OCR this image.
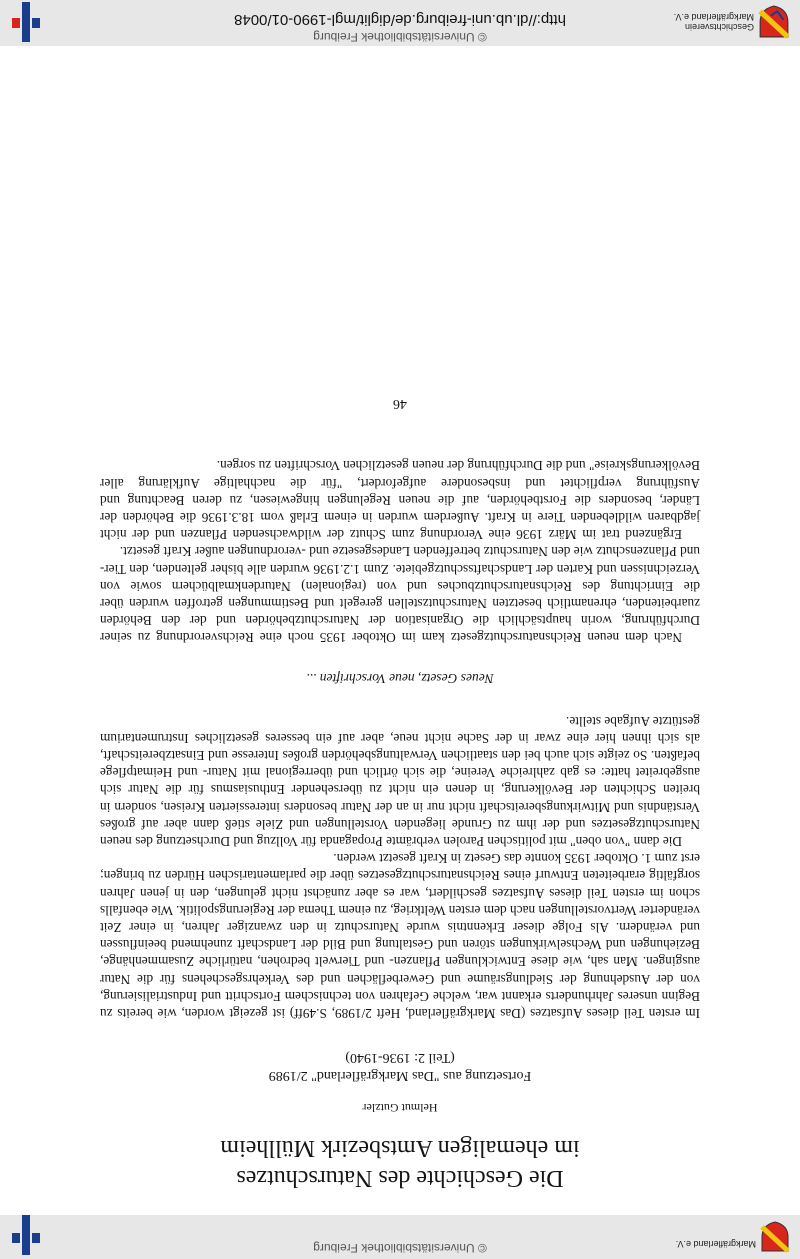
© Universitätsbibliothek Freiburg	Markgräflerland e.V.
Die Geschichte des Naturschutzes
im ehemaligen Amtsbezirk Müllheim
Helmut Gutzler
Fortsetzung aus "Das Markgräflerland" 2/1989
(Teil 2: 1936-1940)

Im ersten Teil dieses Aufsatzes (Das Markgräflerland, Heft 2/1989, S.49ff) ist gezeigt worden, wie bereits zu Beginn unseres Jahrhunderts erkannt war, welche Gefahren von technischem Fortschritt und Industrialisierung, von der Ausdehnung der Siedlungsräume und Gewerbeflächen und des Verkehrsgeschehens für die Natur ausgingen. Man sah, wie diese Entwicklungen Pflanzen- und Tierwelt bedrohen, natürliche Zusammenhänge, Beziehungen und Wechselwirkungen stören und Gestaltung und Bild der Landschaft zunehmend beeinflussen und verändern. Als Folge dieser Erkenntnis wurde Naturschutz in den zwanziger Jahren, in einer Zeit veränderter Wertvorstellungen nach dem ersten Weltkrieg, zu einem Thema der Regierungspolitik. Wie ebenfalls schon im ersten Teil dieses Aufsatzes geschildert, war es aber zunächst nicht gelungen, den in jenen Jahren sorgfältig erarbeiteten Entwurf eines Reichsnaturschutzgesetzes über die parlamentarischen Hürden zu bringen; erst zum 1. Oktober 1935 konnte das Gesetz in Kraft gesetzt werden.

Die dann "von oben" mit politischen Parolen verbrämte Propaganda für Vollzug und Durchsetzung des neuen Naturschutzgesetzes und der ihm zu Grunde liegenden Vorstellungen und Ziele stieß dann aber auf großes Verständnis und Mitwirkungsbereitschaft nicht nur in an der Natur besonders interessierten Kreisen, sondern in breiten Schichten der Bevölkerung, in denen ein nicht zu übersehender Enthusiasmus für die Natur sich ausgebreitet hatte: es gab zahlreiche Vereine, die sich örtlich und überregional mit Natur- und Heimatpflege befaßten. So zeigte sich auch bei den staatlichen Verwaltungsbehörden großes Interesse und Einsatzbereitschaft, als sich ihnen hier eine zwar in der Sache nicht neue, aber auf ein besseres gesetzliches Instrumentarium gestützte Aufgabe stellte.

Neues Gesetz, neue Vorschriften ...

Nach dem neuen Reichsnaturschutzgesetz kam im Oktober 1935 noch eine Reichsverordnung zu seiner Durchführung, worin hauptsächlich die Organisation der Naturschutzbehörden und der den Behörden zuarbeitenden, ehrenamtlich besetzten Naturschutzstellen geregelt und Bestimmungen getroffen wurden über die Einrichtung des Reichsnaturschutzbuches und von (regionalen) Naturdenkmalbüchern sowie von Verzeichnissen und Karten der Landschaftsschutzgebiete. Zum 1.2.1936 wurden alle bisher geltenden, den Tier- und Pflanzenschutz wie den Naturschutz betreffenden Landesgesetze und -verordnungen außer Kraft gesetzt.

Ergänzend trat im März 1936 eine Verordnung zum Schutz der wildwachsenden Pflanzen und der nicht jagdbaren wildlebenden Tiere in Kraft. Außerdem wurden in einem Erlaß vom 18.3.1936 die Behörden der Länder, besonders die Forstbehörden, auf die neuen Regelungen hingewiesen, zu deren Beachtung und Ausführung verpflichtet und insbesondere aufgefordert, "für die nachhaltige Aufklärung aller Bevölkerungskreise" und die Durchführung der neuen gesetzlichen Vorschriften zu sorgen.

46
© Universitätsbibliothek Freiburg
http://dl.ub.uni-freiburg.de/diglit/mgl-1990-01/0048	Geschichtsverein
Markgräflerland e.V.
